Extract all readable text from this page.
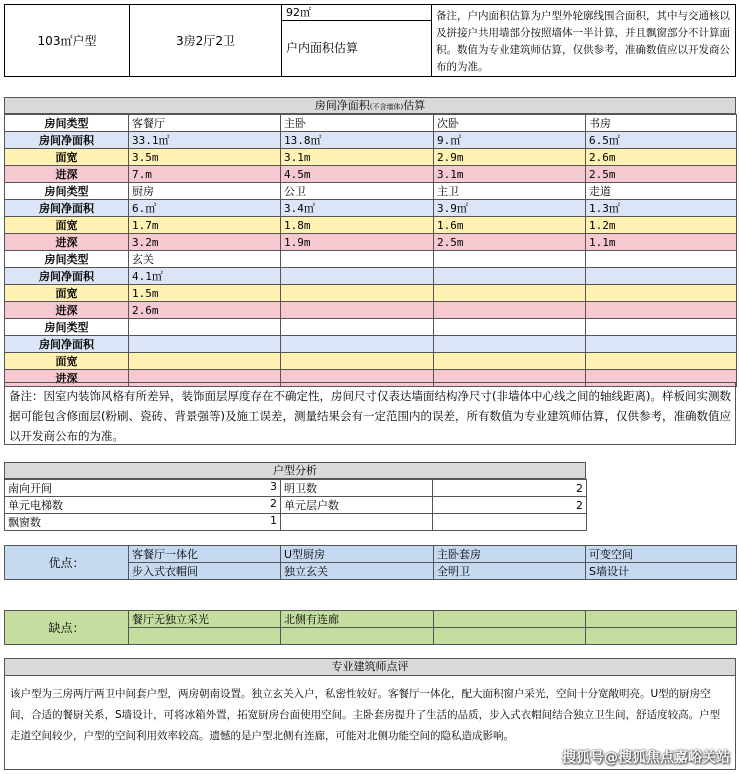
103㎡户型	3房2厅2卫
92㎡
户内面积估算
备注，户内面积估算为户型外轮廓线围合面积，其中与交通核以及拼接户共用墙部分按照墙体一半计算，并且飘窗部分不计算面积。数值为专业建筑师估算，仅供参考，准确数值应以开发商公布的为准。
房间净面积(不含墙体)估算
房间类型	客餐厅	主卧	次卧	书房
房间净面积	33.1㎡	13.8㎡	9.㎡	6.5㎡
面宽	3.5m	3.1m	2.9m	2.6m
进深	7.m	4.5m	3.1m	2.5m
房间类型	厨房	公卫	主卫	走道
房间净面积	6.㎡	3.4㎡	3.9㎡	1.3㎡
面宽	1.7m	1.8m	1.6m	1.2m
进深	3.2m	1.9m	2.5m	1.1m
房间类型	玄关			
房间净面积	4.1㎡			
面宽	1.5m			
进深	2.6m			
房间类型				
房间净面积				
面宽				
进深				
备注：因室内装饰风格有所差异，装饰面层厚度存在不确定性，房间尺寸仅表达墙面结构净尺寸(非墙体中心线之间的轴线距离)。样板间实测数据可能包含修面层(粉刷、瓷砖、背景强等)及施工误差，测量结果会有一定范围内的误差，所有数值为专业建筑师估算，仅供参考，准确数值应以开发商公布的为准。
户型分析
南向开间 3	明卫数	2
单元电梯数 2	单元层户数	2
飘窗数 1		

优点：	客餐厅一体化	U型厨房	主卧套房	可变空间
	步入式衣帽间	独立玄关	全明卫	S墙设计
缺点：	餐厅无独立采光	北侧有连廊		

专业建筑师点评
该户型为三房两厅两卫中间套户型，两房朝南设置。独立玄关入户，私密性较好。客餐厅一体化，配大面积窗户采光，空间十分宽敞明亮。U型的厨房空间，合适的餐厨关系，S墙设计，可将冰箱外置，拓宽厨房台面使用空间。主卧套房提升了生活的品质，步入式衣帽间结合独立卫生间，舒适度较高。户型走道空间较少，户型的空间利用效率较高。遗憾的是户型北侧有连廊，可能对北侧功能空间的隐私造成影响。
搜狐号@搜狐焦点嘉峪关站
